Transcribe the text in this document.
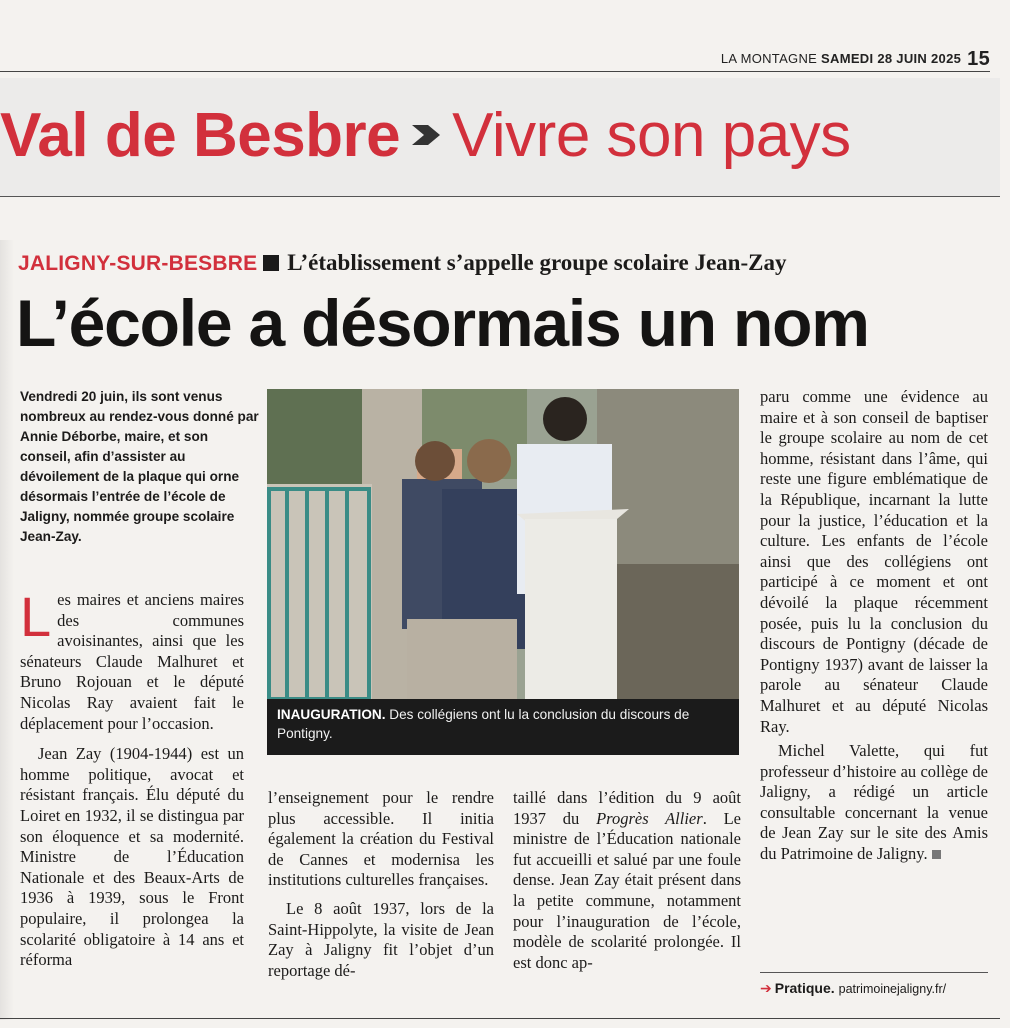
LA MONTAGNE SAMEDI 28 JUIN 2025 15
Val de Besbre Vivre son pays
JALIGNY-SUR-BESBRE L’établissement s’appelle groupe scolaire Jean-Zay
L’école a désormais un nom
Vendredi 20 juin, ils sont venus nombreux au rendez-vous donné par Annie Déborbe, maire, et son conseil, afin d’assister au dévoilement de la plaque qui orne désormais l’entrée de l’école de Jaligny, nommée groupe scolaire Jean-Zay.

Les maires et anciens maires des communes avoisinantes, ainsi que les sénateurs Claude Malhuret et Bruno Rojouan et le député Nicolas Ray avaient fait le déplacement pour l’occasion.

Jean Zay (1904-1944) est un homme politique, avocat et résistant français. Élu député du Loiret en 1932, il se distingua par son éloquence et sa modernité. Ministre de l’Éducation Nationale et des Beaux-Arts de 1936 à 1939, sous le Front populaire, il prolongea la scolarité obligatoire à 14 ans et réforma

INAUGURATION. Des collégiens ont lu la conclusion du discours de Pontigny.

l’enseignement pour le rendre plus accessible. Il initia également la création du Festival de Cannes et modernisa les institutions culturelles françaises.

Le 8 août 1937, lors de la Saint-Hippolyte, la visite de Jean Zay à Jaligny fit l’objet d’un reportage dé-

taillé dans l’édition du 9 août 1937 du Progrès Allier. Le ministre de l’Éducation nationale fut accueilli et salué par une foule dense. Jean Zay était présent dans la petite commune, notamment pour l’inauguration de l’école, modèle de scolarité prolongée. Il est donc ap-

paru comme une évidence au maire et à son conseil de baptiser le groupe scolaire au nom de cet homme, résistant dans l’âme, qui reste une figure emblématique de la République, incarnant la lutte pour la justice, l’éducation et la culture. Les enfants de l’école ainsi que des collégiens ont participé à ce moment et ont dévoilé la plaque récemment posée, puis lu la conclusion du discours de Pontigny (décade de Pontigny 1937) avant de laisser la parole au sénateur Claude Malhuret et au député Nicolas Ray.

Michel Valette, qui fut professeur d’histoire au collège de Jaligny, a rédigé un article consultable concernant la venue de Jean Zay sur le site des Amis du Patrimoine de Jaligny.

➔ Pratique. patrimoinejaligny.fr/
